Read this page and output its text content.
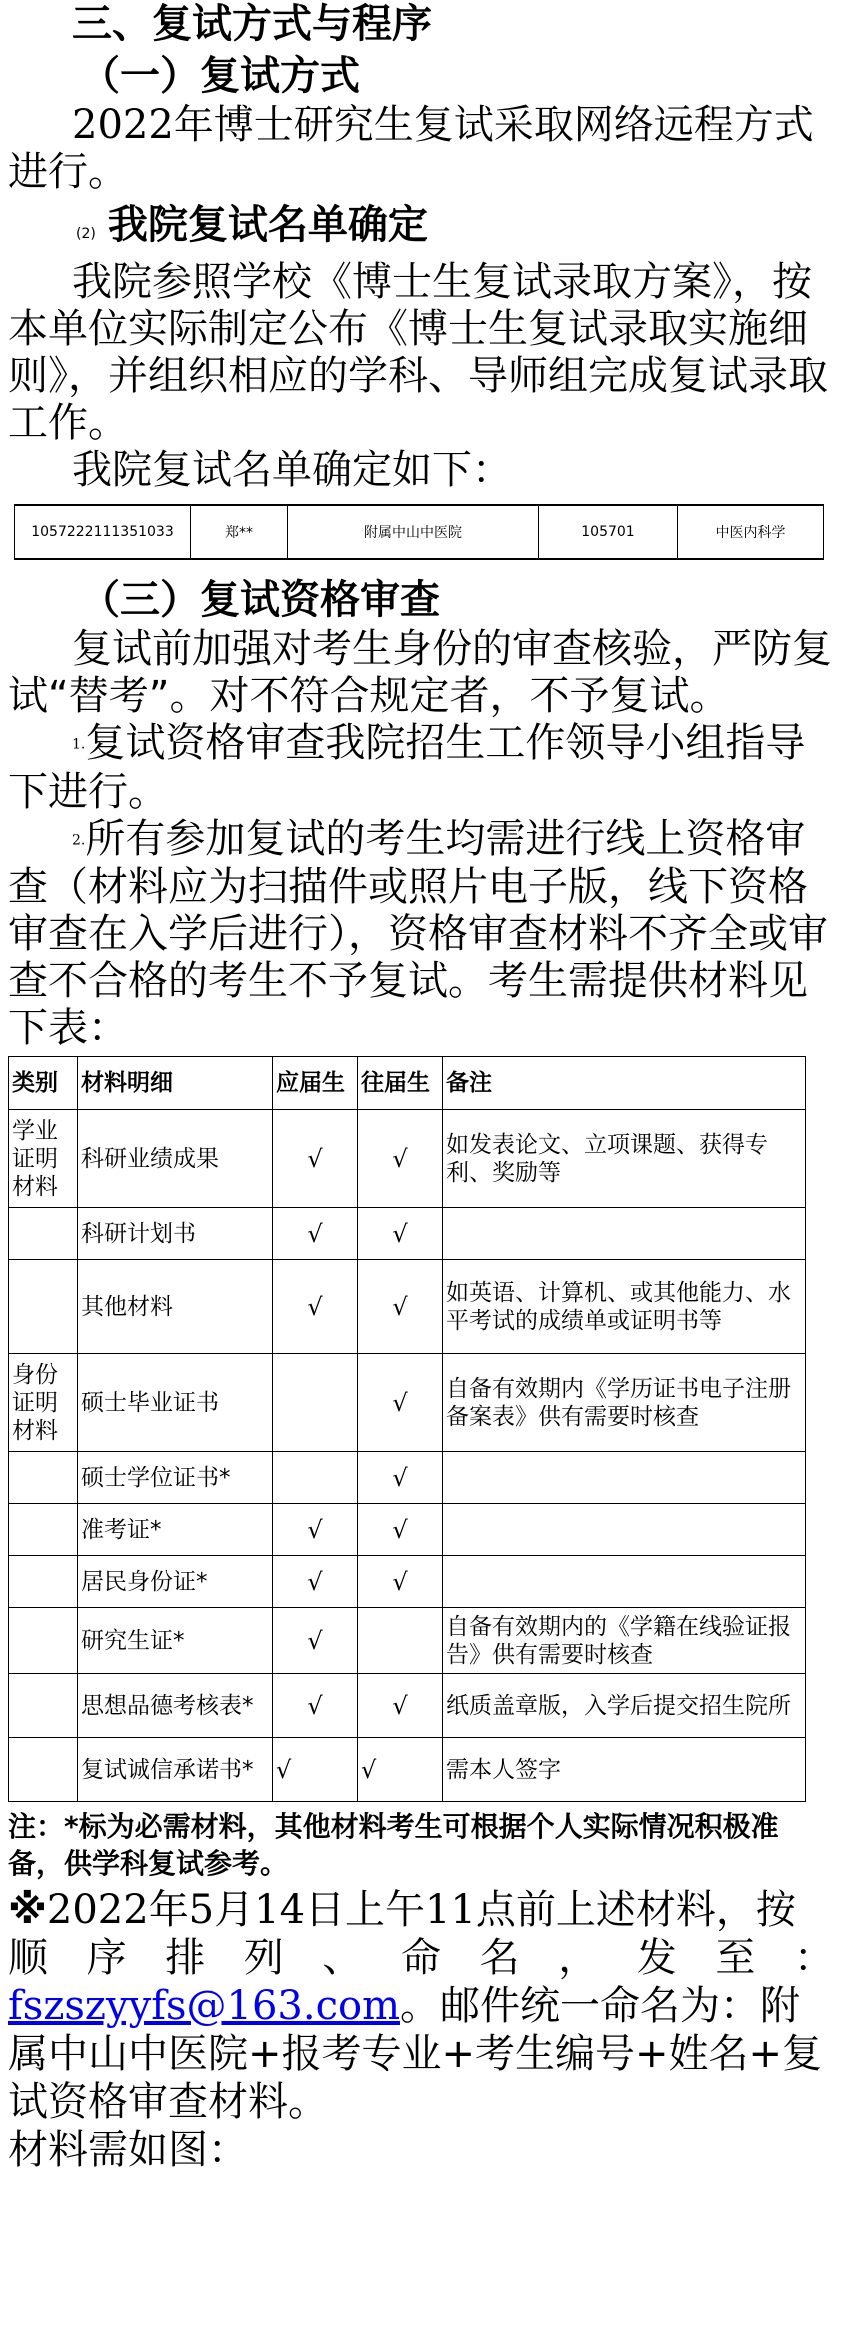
三、复试方式与程序

（一）复试方式

2022年博士研究生复试采取网络远程方式进行。

(2) 我院复试名单确定

我院参照学校《博士生复试录取方案》，按本单位实际制定公布《博士生复试录取实施细则》，并组织相应的学科、导师组完成复试录取工作。

我院复试名单确定如下：

1057222111351033	郑**	附属中山中医院	105701	中医内科学

（三）复试资格审查

复试前加强对考生身份的审查核验，严防复试“替考”。对不符合规定者，不予复试。

1.复试资格审查我院招生工作领导小组指导下进行。

2.所有参加复试的考生均需进行线上资格审查（材料应为扫描件或照片电子版，线下资格审查在入学后进行），资格审查材料不齐全或审查不合格的考生不予复试。考生需提供材料见下表：

类别	材料明细	应届生	往届生	备注
学业证明材料	科研业绩成果	√	√	如发表论文、立项课题、获得专利、奖励等
	科研计划书	√	√	
	其他材料	√	√	如英语、计算机、或其他能力、水平考试的成绩单或证明书等
身份证明材料	硕士毕业证书		√	自备有效期内《学历证书电子注册备案表》供有需要时核查
	硕士学位证书*		√	
	准考证*	√	√	
	居民身份证*	√	√	
	研究生证*	√		自备有效期内的《学籍在线验证报告》供有需要时核查
	思想品德考核表*	√	√	纸质盖章版，入学后提交招生院所
	复试诚信承诺书*	√	√	需本人签字

注：*标为必需材料，其他材料考生可根据个人实际情况积极准备，供学科复试参考。

※2022年5月14日上午11点前上述材料，按

顺 序 排 列 、 命 名 ， 发 至 ：

fszszyyfs@163.com。邮件统一命名为：附属中山中医院+报考专业+考生编号+姓名+复试资格审查材料。

材料需如图：
